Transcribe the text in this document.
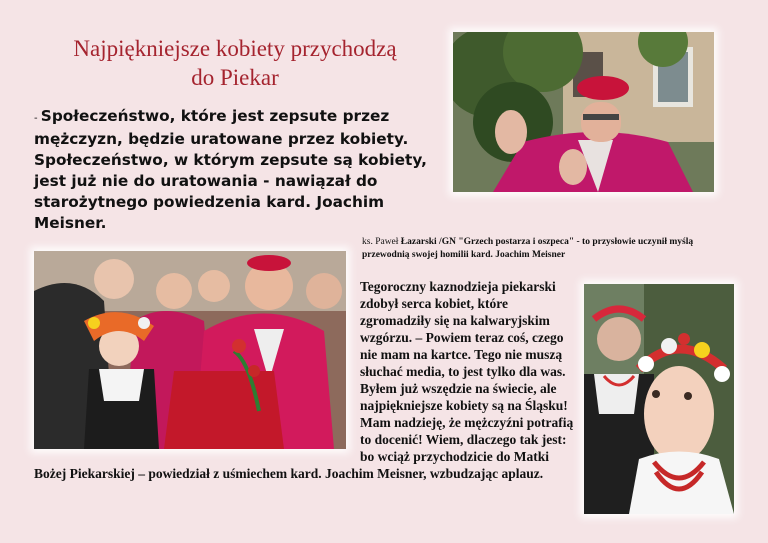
Najpiękniejsze kobiety przychodzą
do Piekar
- Społeczeństwo, które jest zepsute przez mężczyzn, będzie uratowane przez kobiety. Społeczeństwo, w którym zepsute są kobiety, jest już nie do uratowania - nawiązał do starożytnego powiedzenia kard. Joachim Meisner.
ks. Paweł Łazarski /GN "Grzech postarza i oszpeca" - to przysłowie uczynił myślą przewodnią swojej homilii kard. Joachim Meisner
Tegoroczny kaznodzieja piekarski zdobył serca kobiet, które zgromadziły się na kalwaryjskim wzgórzu. – Powiem teraz coś, czego nie mam na kartce. Tego nie muszą słuchać media, to jest tylko dla was. Byłem już wszędzie na świecie, ale najpiękniejsze kobiety są na Śląsku! Mam nadzieję, że mężczyźni potrafią to docenić! Wiem, dlaczego tak jest: bo wciąż przychodzicie do Matki Bożej Piekarskiej – powiedział z uśmiechem kard. Joachim Meisner, wzbudzając aplauz.
